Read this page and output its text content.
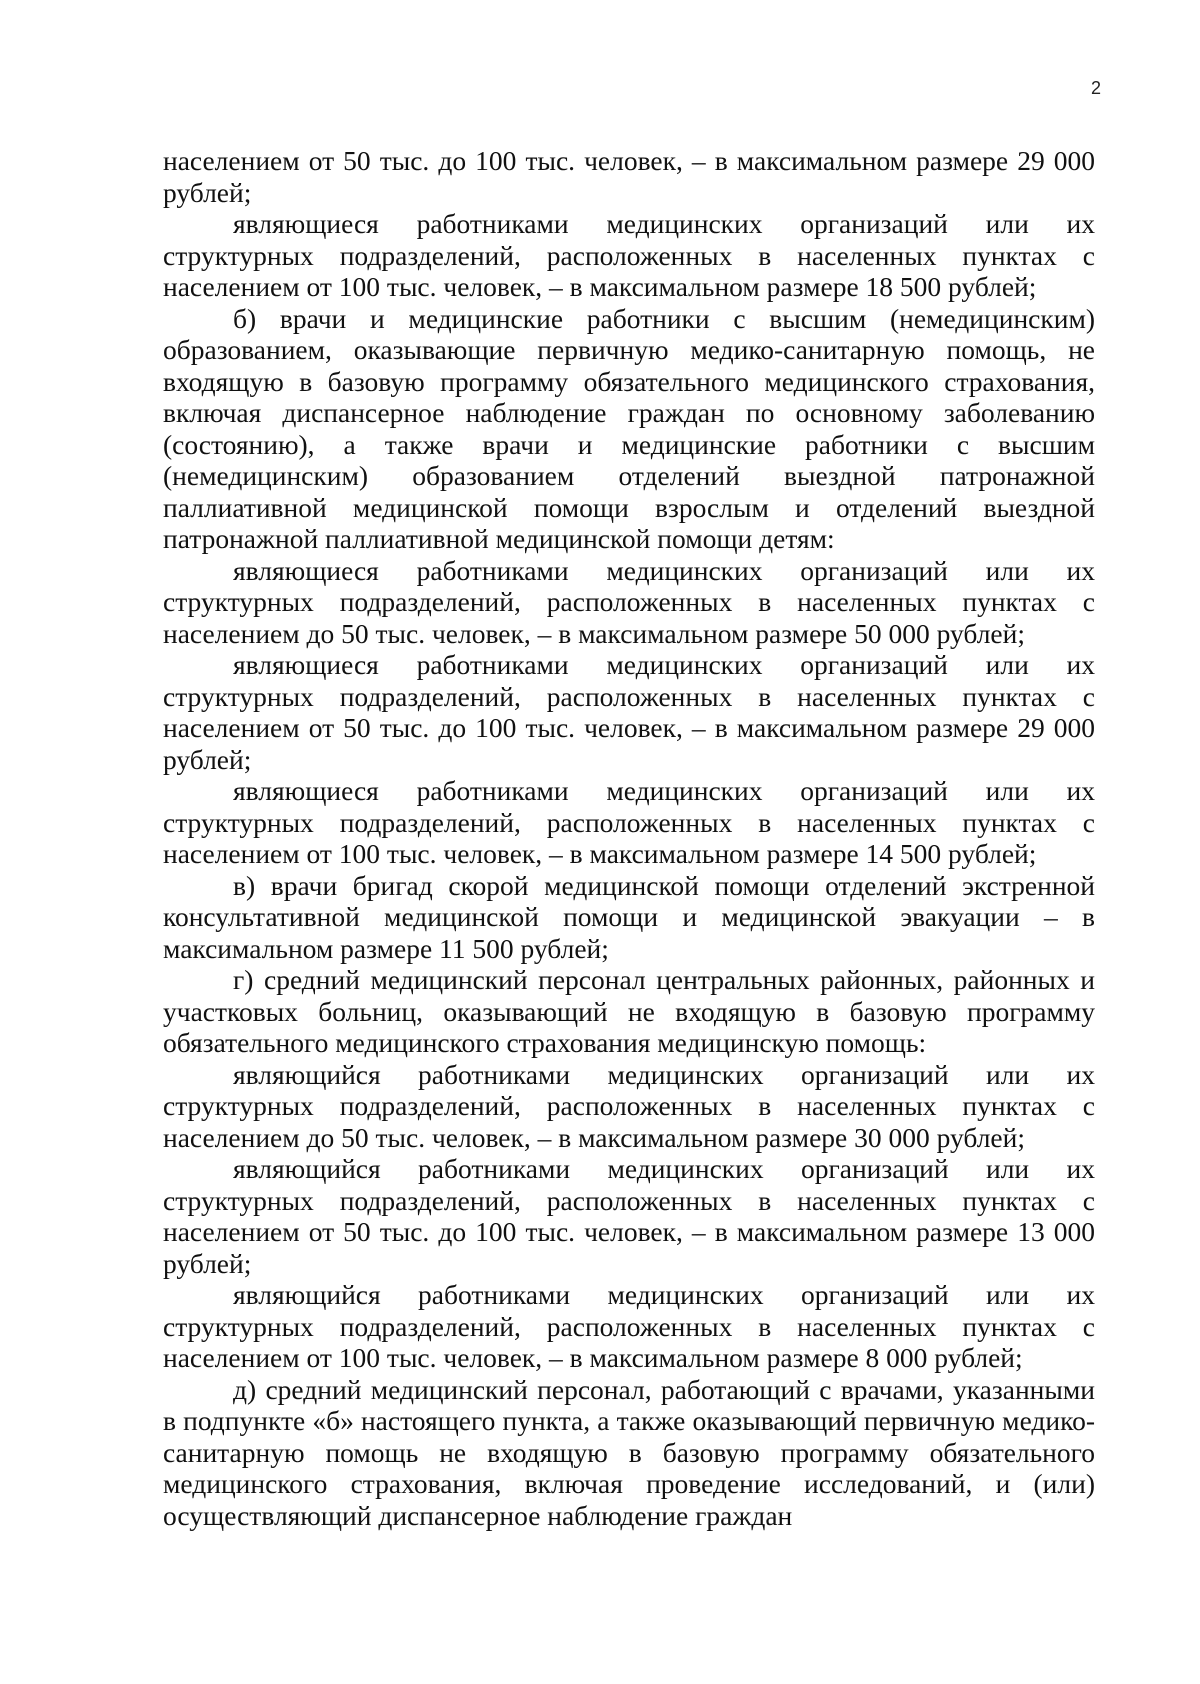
2

населением от 50 тыс. до 100 тыс. человек, – в максимальном размере 29 000 рублей;

являющиеся работниками медицинских организаций или их структурных подразделений, расположенных в населенных пунктах с населением от 100 тыс. человек, – в максимальном размере 18 500 рублей;

б) врачи и медицинские работники с высшим (немедицинским) образованием, оказывающие первичную медико-санитарную помощь, не входящую в базовую программу обязательного медицинского страхования, включая диспансерное наблюдение граждан по основному заболеванию (состоянию), а также врачи и медицинские работники с высшим (немедицинским) образованием отделений выездной патронажной паллиативной медицинской помощи взрослым и отделений выездной патронажной паллиативной медицинской помощи детям:

являющиеся работниками медицинских организаций или их структурных подразделений, расположенных в населенных пунктах с населением до 50 тыс. человек, – в максимальном размере 50 000 рублей;

являющиеся работниками медицинских организаций или их структурных подразделений, расположенных в населенных пунктах с населением от 50 тыс. до 100 тыс. человек, – в максимальном размере 29 000 рублей;

являющиеся работниками медицинских организаций или их структурных подразделений, расположенных в населенных пунктах с населением от 100 тыс. человек, – в максимальном размере 14 500 рублей;

в) врачи бригад скорой медицинской помощи отделений экстренной консультативной медицинской помощи и медицинской эвакуации – в максимальном размере 11 500 рублей;

г) средний медицинский персонал центральных районных, районных и участковых больниц, оказывающий не входящую в базовую программу обязательного медицинского страхования медицинскую помощь:

являющийся работниками медицинских организаций или их структурных подразделений, расположенных в населенных пунктах с населением до 50 тыс. человек, – в максимальном размере 30 000 рублей;

являющийся работниками медицинских организаций или их структурных подразделений, расположенных в населенных пунктах с населением от 50 тыс. до 100 тыс. человек, – в максимальном размере 13 000 рублей;

являющийся работниками медицинских организаций или их структурных подразделений, расположенных в населенных пунктах с населением от 100 тыс. человек, – в максимальном размере 8 000 рублей;

д) средний медицинский персонал, работающий с врачами, указанными в подпункте «б» настоящего пункта, а также оказывающий первичную медико-санитарную помощь не входящую в базовую программу обязательного медицинского страхования, включая проведение исследований, и (или) осуществляющий диспансерное наблюдение граждан
